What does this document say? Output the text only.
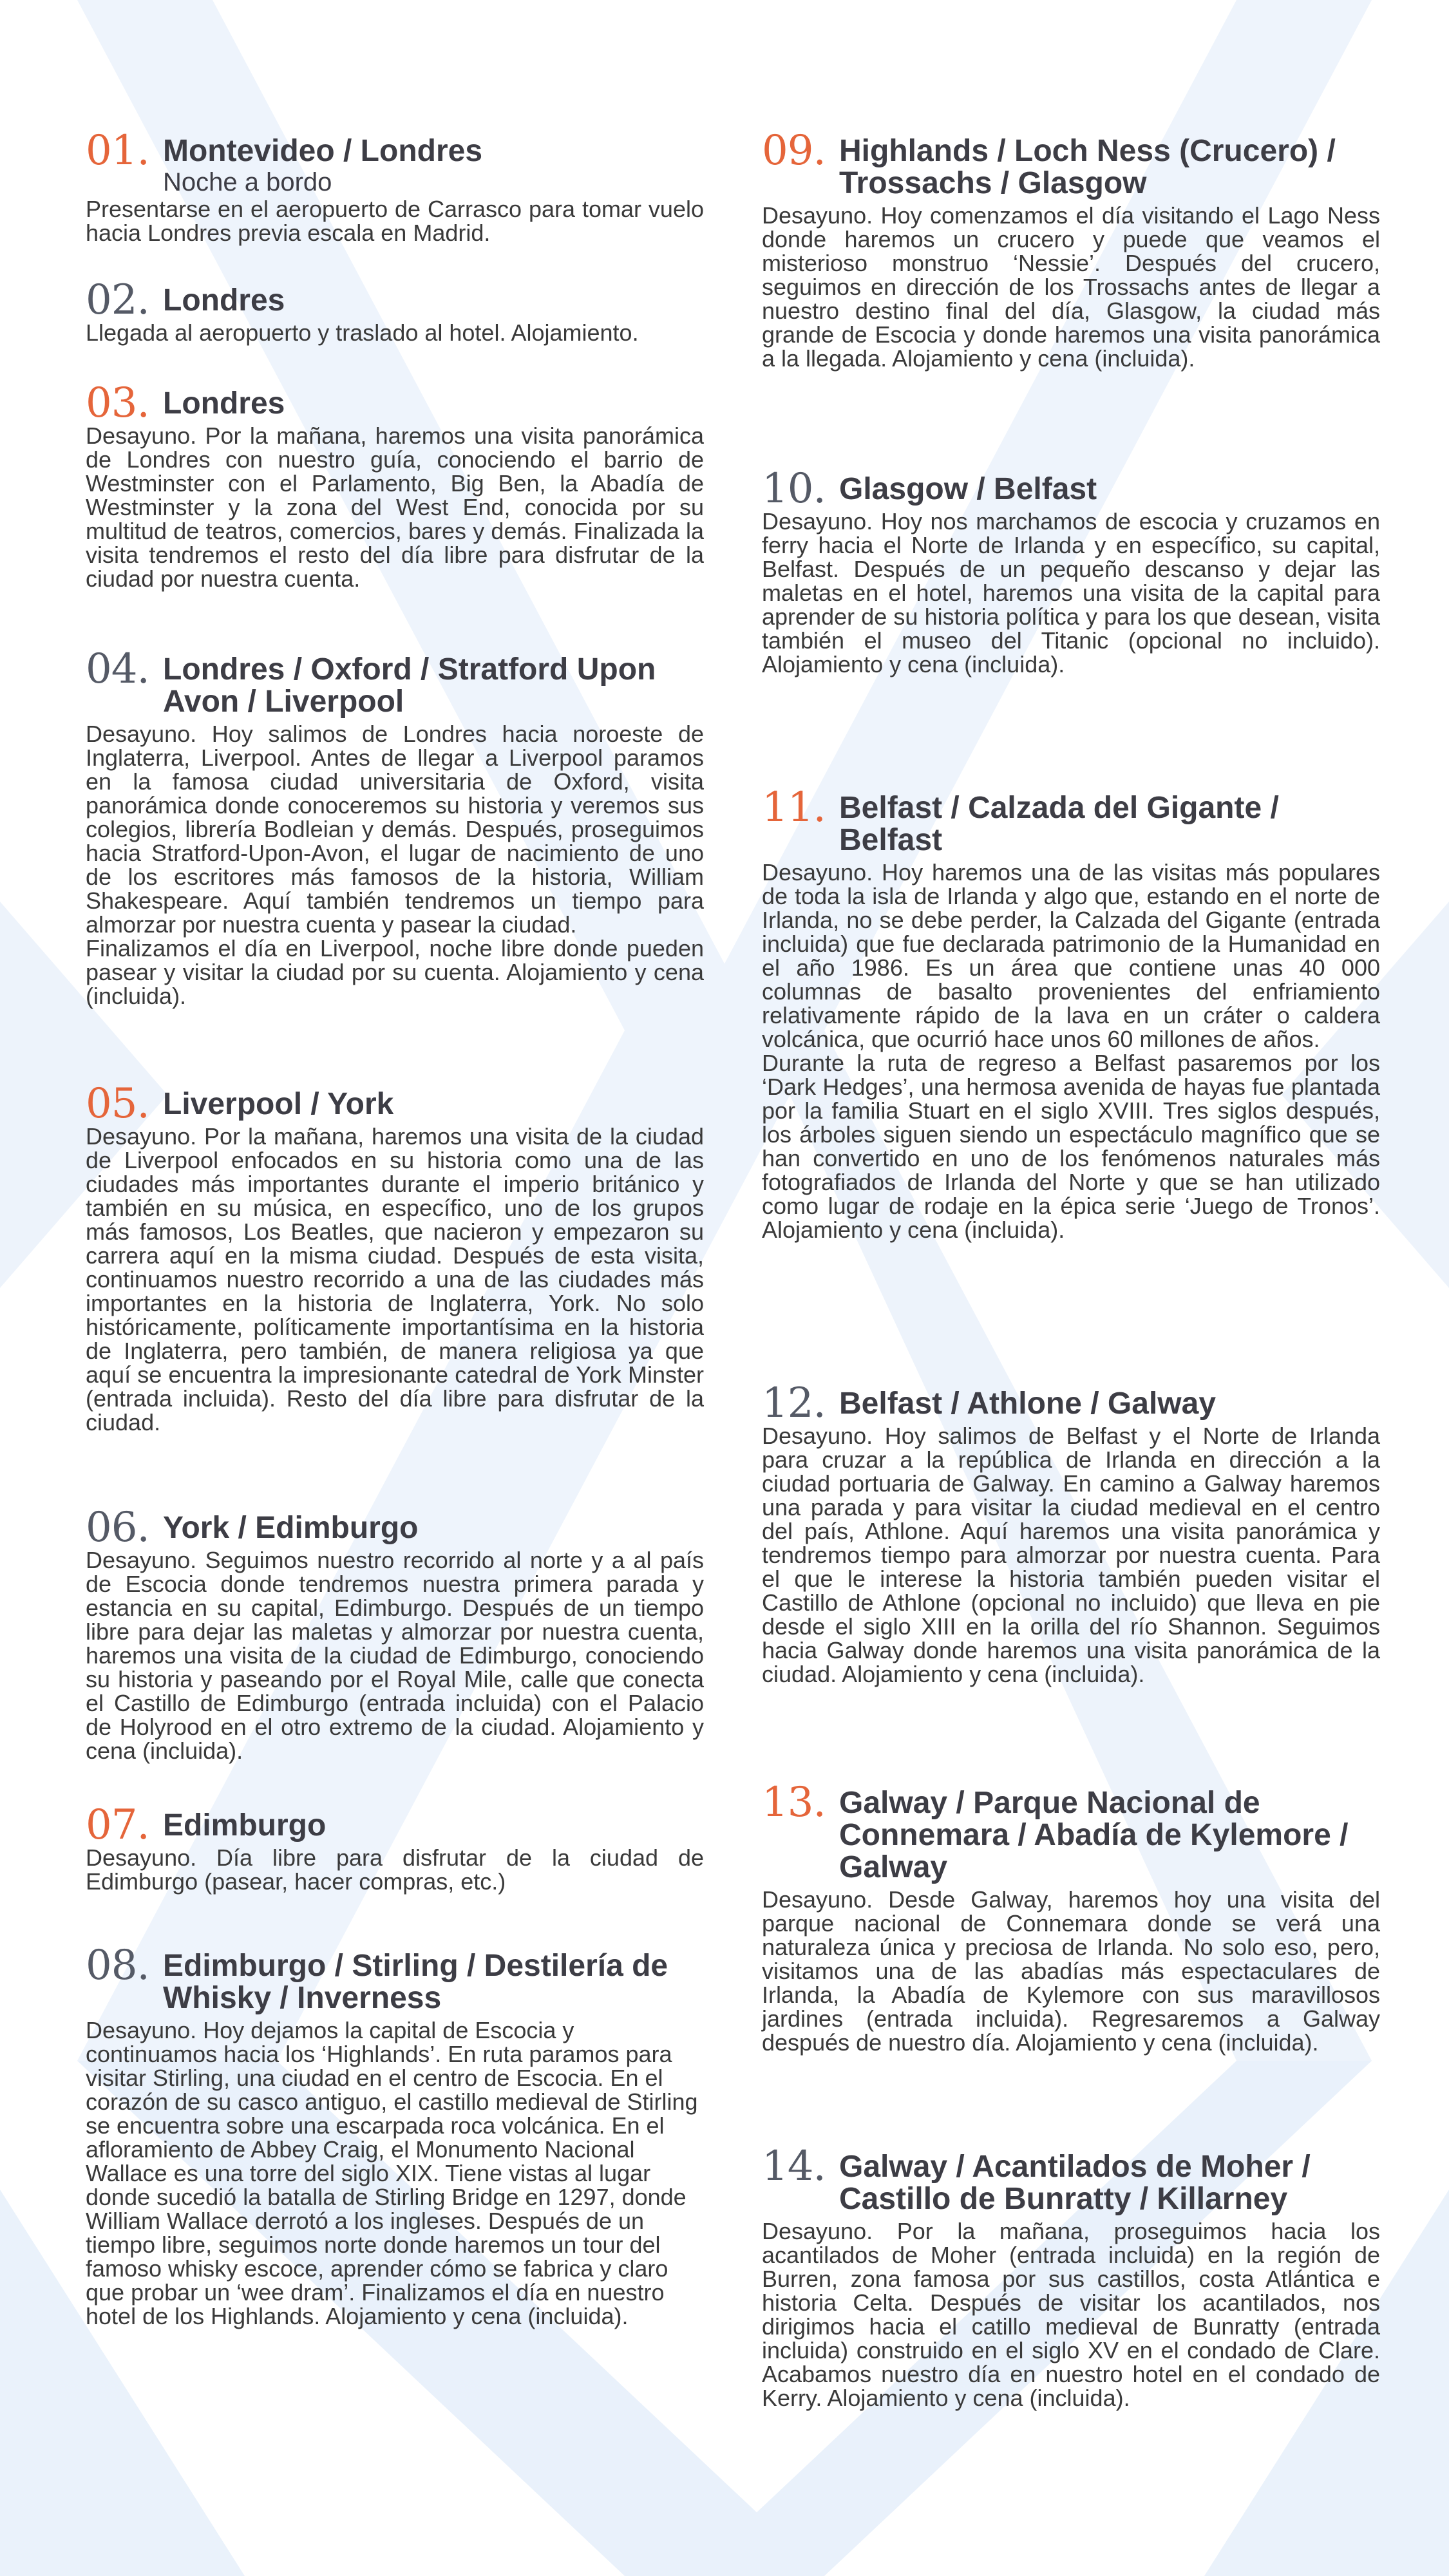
01. Montevideo / Londres
Noche a bordo

Presentarse en el aeropuerto de Carrasco para tomar vuelo hacia Londres previa escala en Madrid.

02. Londres

Llegada al aeropuerto y traslado al hotel. Alojamiento.

03. Londres

Desayuno. Por la mañana, haremos una visita panorámica de Londres con nuestro guía, conociendo el barrio de Westminster con el Parlamento, Big Ben, la Abadía de Westminster y la zona del West End, conocida por su multitud de teatros, comercios, bares y demás. Finalizada la visita tendremos el resto del día libre para disfrutar de la ciudad por nuestra cuenta.

04. Londres / Oxford / Stratford Upon Avon / Liverpool

Desayuno. Hoy salimos de Londres hacia noroeste de Inglaterra, Liverpool. Antes de llegar a Liverpool paramos en la famosa ciudad universitaria de Oxford, visita panorámica donde conoceremos su historia y veremos sus colegios, librería Bodleian y demás. Después, proseguimos hacia Stratford-Upon-Avon, el lugar de nacimiento de uno de los escritores más famosos de la historia, William Shakespeare. Aquí también tendremos un tiempo para almorzar por nuestra cuenta y pasear la ciudad.
Finalizamos el día en Liverpool, noche libre donde pueden pasear y visitar la ciudad por su cuenta. Alojamiento y cena (incluida).

05. Liverpool / York

Desayuno. Por la mañana, haremos una visita de la ciudad de Liverpool enfocados en su historia como una de las ciudades más importantes durante el imperio británico y también en su música, en específico, uno de los grupos más famosos, Los Beatles, que nacieron y empezaron su carrera aquí en la misma ciudad. Después de esta visita, continuamos nuestro recorrido a una de las ciudades más importantes en la historia de Inglaterra, York. No solo históricamente, políticamente importantísima en la historia de Inglaterra, pero también, de manera religiosa ya que aquí se encuentra la impresionante catedral de York Minster (entrada incluida). Resto del día libre para disfrutar de la ciudad.

06. York / Edimburgo

Desayuno. Seguimos nuestro recorrido al norte y a al país de Escocia donde tendremos nuestra primera parada y estancia en su capital, Edimburgo. Después de un tiempo libre para dejar las maletas y almorzar por nuestra cuenta, haremos una visita de la ciudad de Edimburgo, conociendo su historia y paseando por el Royal Mile, calle que conecta el Castillo de Edimburgo (entrada incluida) con el Palacio de Holyrood en el otro extremo de la ciudad. Alojamiento y cena (incluida).

07. Edimburgo

Desayuno. Día libre para disfrutar de la ciudad de Edimburgo (pasear, hacer compras, etc.)

08. Edimburgo / Stirling / Destilería de Whisky / Inverness

Desayuno. Hoy dejamos la capital de Escocia y continuamos hacia los ‘Highlands’. En ruta paramos para visitar Stirling, una ciudad en el centro de Escocia. En el corazón de su casco antiguo, el castillo medieval de Stirling se encuentra sobre una escarpada roca volcánica. En el afloramiento de Abbey Craig, el Monumento Nacional Wallace es una torre del siglo XIX. Tiene vistas al lugar donde sucedió la batalla de Stirling Bridge en 1297, donde William Wallace derrotó a los ingleses. Después de un tiempo libre, seguimos norte donde haremos un tour del famoso whisky escoce, aprender cómo se fabrica y claro que probar un ‘wee dram’. Finalizamos el día en nuestro hotel de los Highlands. Alojamiento y cena (incluida).

09. Highlands / Loch Ness (Crucero) / Trossachs / Glasgow

Desayuno. Hoy comenzamos el día visitando el Lago Ness donde haremos un crucero y puede que veamos el misterioso monstruo ‘Nessie’. Después del crucero, seguimos en dirección de los Trossachs antes de llegar a nuestro destino final del día, Glasgow, la ciudad más grande de Escocia y donde haremos una visita panorámica a la llegada. Alojamiento y cena (incluida).

10. Glasgow / Belfast

Desayuno. Hoy nos marchamos de escocia y cruzamos en ferry hacia el Norte de Irlanda y en específico, su capital, Belfast. Después de un pequeño descanso y dejar las maletas en el hotel, haremos una visita de la capital para aprender de su historia política y para los que desean, visita también el museo del Titanic (opcional no incluido). Alojamiento y cena (incluida).

11. Belfast / Calzada del Gigante / Belfast

Desayuno. Hoy haremos una de las visitas más populares de toda la isla de Irlanda y algo que, estando en el norte de Irlanda, no se debe perder, la Calzada del Gigante (entrada incluida) que fue declarada patrimonio de la Humanidad en el año 1986. Es un área que contiene unas 40 000 columnas de basalto provenientes del enfriamiento relativamente rápido de la lava en un cráter o caldera volcánica, que ocurrió hace unos 60 millones de años.
Durante la ruta de regreso a Belfast pasaremos por los ‘Dark Hedges’, una hermosa avenida de hayas fue plantada por la familia Stuart en el siglo XVIII. Tres siglos después, los árboles siguen siendo un espectáculo magnífico que se han convertido en uno de los fenómenos naturales más fotografiados de Irlanda del Norte y que se han utilizado como lugar de rodaje en la épica serie ‘Juego de Tronos’. Alojamiento y cena (incluida).

12. Belfast / Athlone / Galway

Desayuno. Hoy salimos de Belfast y el Norte de Irlanda para cruzar a la república de Irlanda en dirección a la ciudad portuaria de Galway. En camino a Galway haremos una parada y para visitar la ciudad medieval en el centro del país, Athlone. Aquí haremos una visita panorámica y tendremos tiempo para almorzar por nuestra cuenta. Para el que le interese la historia también pueden visitar el Castillo de Athlone (opcional no incluido) que lleva en pie desde el siglo XIII en la orilla del río Shannon. Seguimos hacia Galway donde haremos una visita panorámica de la ciudad. Alojamiento y cena (incluida).

13. Galway / Parque Nacional de Connemara / Abadía de Kylemore / Galway

Desayuno. Desde Galway, haremos hoy una visita del parque nacional de Connemara donde se verá una naturaleza única y preciosa de Irlanda. No solo eso, pero, visitamos una de las abadías más espectaculares de Irlanda, la Abadía de Kylemore con sus maravillosos jardines (entrada incluida). Regresaremos a Galway después de nuestro día. Alojamiento y cena (incluida).

14. Galway / Acantilados de Moher / Castillo de Bunratty / Killarney

Desayuno. Por la mañana, proseguimos hacia los acantilados de Moher (entrada incluida) en la región de Burren, zona famosa por sus castillos, costa Atlántica e historia Celta. Después de visitar los acantilados, nos dirigimos hacia el catillo medieval de Bunratty (entrada incluida) construido en el siglo XV en el condado de Clare. Acabamos nuestro día en nuestro hotel en el condado de Kerry. Alojamiento y cena (incluida).
